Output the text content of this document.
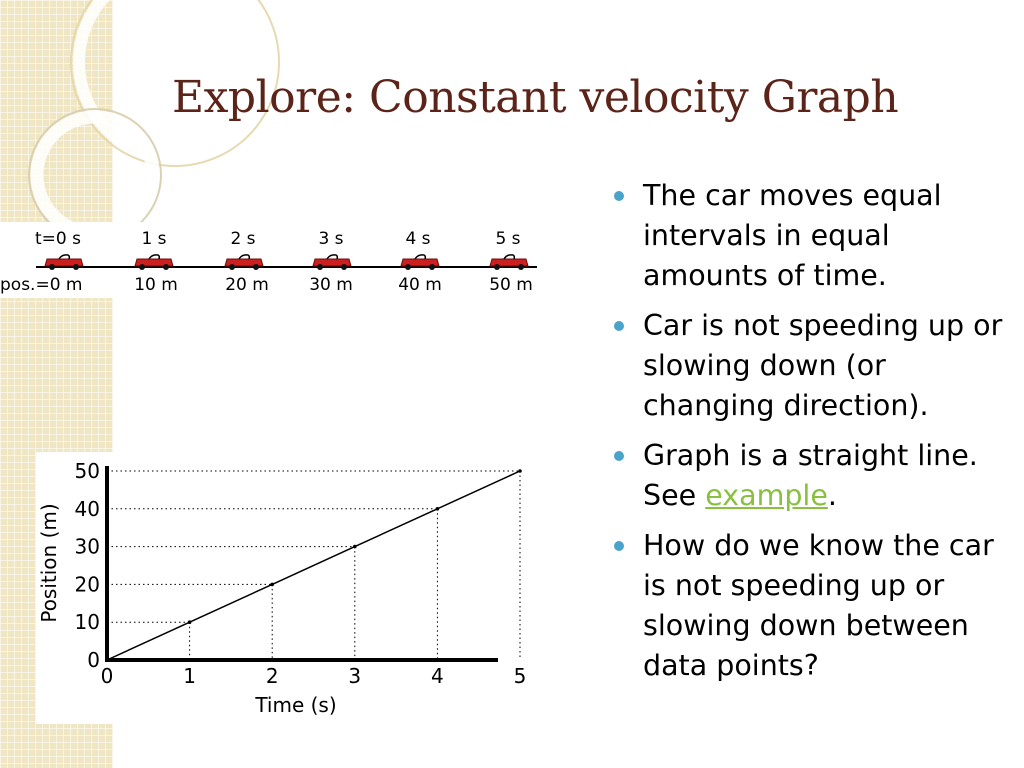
Explore: Constant velocity Graph
t=0 s	1 s	2 s	3 s	4 s	5 s
pos.=0 m	10 m	20 m 30 m	40 m	50 m
0	1	2	3	4	5
0
10
20
30
40
50
Time (s)
Position (m)
The car moves equal intervals in equal amounts of time.
Car is not speeding up or slowing down (or changing direction).
Graph is a straight line. See example.
How do we know the car is not speeding up or slowing down between data points?
